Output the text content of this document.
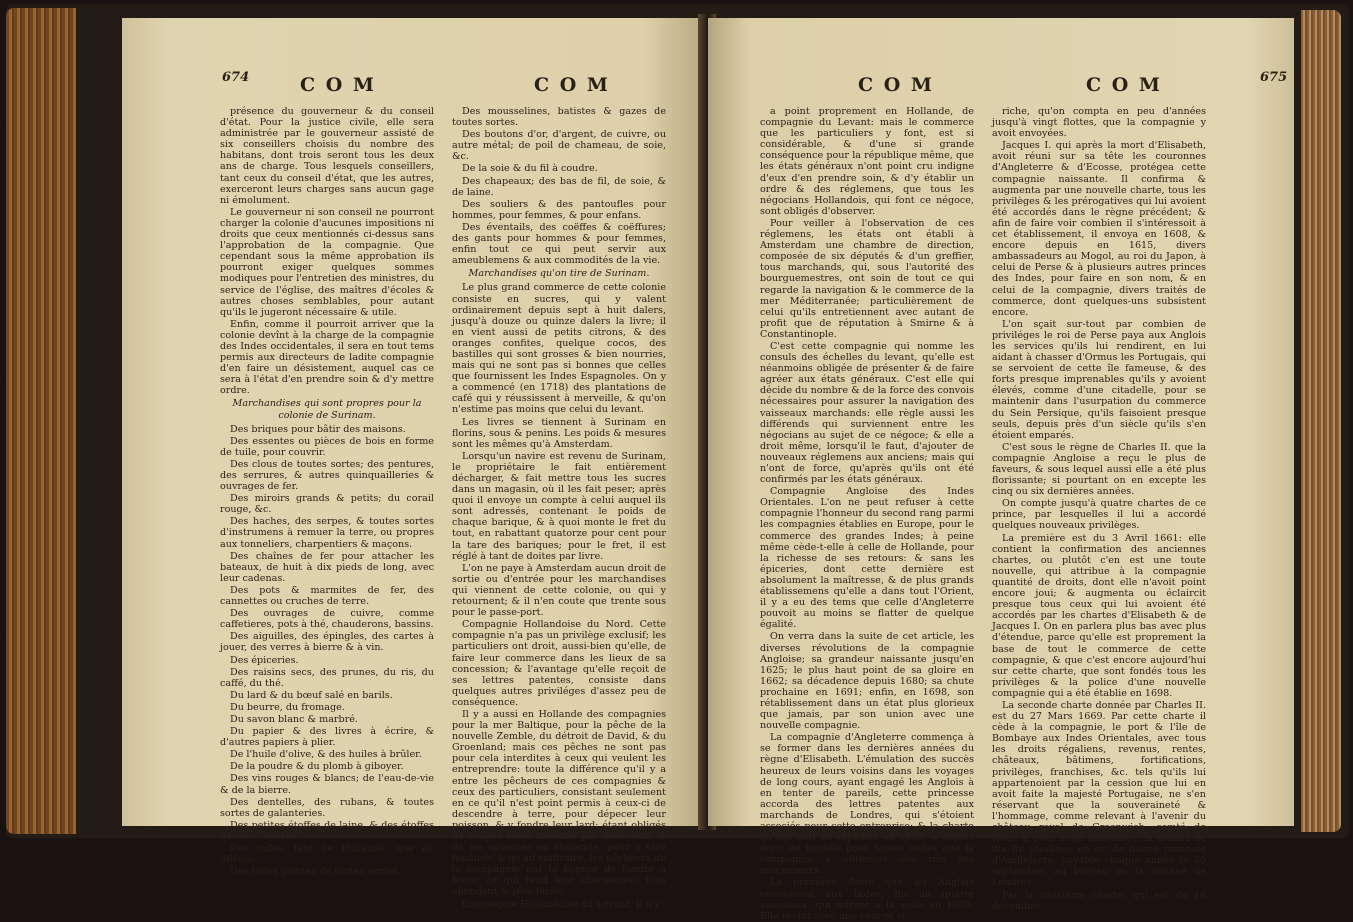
674	C O M	C O M

présence du gouverneur & du conseil d'état. Pour la justice civile, elle sera administrée par le gouverneur assisté de six conseillers choisis du nombre des habitans, dont trois seront tous les deux ans de charge. Tous lesquels conseillers, tant ceux du conseil d'état, que les autres, exerceront leurs charges sans aucun gage ni émolument.

Le gouverneur ni son conseil ne pourront charger la colonie d'aucunes impositions ni droits que ceux mentionnés ci-dessus sans l'approbation de la compagnie. Que cependant sous la même approbation ils pourront exiger quelques sommes modiques pour l'entretien des ministres, du service de l'église, des maîtres d'écoles & autres choses semblables, pour autant qu'ils le jugeront nécessaire & utile.

Enfin, comme il pourroit arriver que la colonie devînt à la charge de la compagnie des Indes occidentales, il sera en tout tems permis aux directeurs de ladite compagnie d'en faire un désistement, auquel cas ce sera à l'état d'en prendre soin & d'y mettre ordre.

Marchandises qui sont propres pour la colonie de Surinam.

Des briques pour bâtir des maisons.

Des essentes ou pièces de bois en forme de tuile, pour couvrir.

Des clous de toutes sortes; des pentures, des serrures, & autres quinquailleries & ouvrages de fer.

Des miroirs grands & petits; du corail rouge, &c.

Des haches, des serpes, & toutes sortes d'instrumens à remuer la terre, ou propres aux tonneliers, charpentiers & maçons.

Des chaînes de fer pour attacher les bateaux, de huit à dix pieds de long, avec leur cadenas.

Des pots & marmites de fer, des cannettes ou cruches de terre.

Des ouvrages de cuivre, comme caffetieres, pots à thé, chauderons, bassins.

Des aiguilles, des épingles, des cartes à jouer, des verres à bierre & à vin.

Des épiceries.

Des raisins secs, des prunes, du ris, du caffé, du thé.

Du lard & du bœuf salé en barils.

Du beurre, du fromage.

Du savon blanc & marbré.

Du papier & des livres à écrire, & d'autres papiers à plier.

De l'huile d'olive, & des huiles à brûler.

De la poudre & du plomb à giboyer.

Des vins rouges & blancs; de l'eau-de-vie & de la bierre.

Des dentelles, des rubans, & toutes sortes de galanteries.

Des petites étoffes de laine, & des étoffes de soie, légeres.

Des toiles, tant de Hollande, que de Silésie.

Des toiles peintes de toutes sortes.

Des mousselines, batistes & gazes de toutes sortes.

Des boutons d'or, d'argent, de cuivre, ou autre métal; de poil de chameau, de soie, &c.

De la soie & du fil à coudre.

Des chapeaux; des bas de fil, de soie, & de laine.

Des souliers & des pantoufles pour hommes, pour femmes, & pour enfans.

Des éventails, des coëffes & coëffures; des gants pour hommes & pour femmes, enfin tout ce qui peut servir aux ameublemens & aux commodités de la vie.

Marchandises qu'on tire de Surinam.

Le plus grand commerce de cette colonie consiste en sucres, qui y valent ordinairement depuis sept à huit dalers, jusqu'à douze ou quinze dalers la livre; il en vient aussi de petits citrons, & des oranges confites, quelque cocos, des bastilles qui sont grosses & bien nourries, mais qui ne sont pas si bonnes que celles que fournissent les Indes Espagnoles. On y a commencé (en 1718) des plantations de café qui y réussissent à merveille, & qu'on n'estime pas moins que celui du levant.

Les livres se tiennent à Surinam en florins, sous & penins. Les poids & mesures sont les mêmes qu'à Amsterdam.

Lorsqu'un navire est revenu de Surinam, le propriétaire le fait entièrement décharger, & fait mettre tous les sucres dans un magasin, où il les fait peser; après quoi il envoye un compte à celui auquel ils sont adressés, contenant le poids de chaque barique, & à quoi monte le fret du tout, en rabattant quatorze pour cent pour la tare des bariques; pour le fret, il est réglé à tant de doites par livre.

L'on ne paye à Amsterdam aucun droit de sortie ou d'entrée pour les marchandises qui viennent de cette colonie, ou qui y retournent; & il n'en coute que trente sous pour le passe-port.

Compagnie Hollandoise du Nord. Cette compagnie n'a pas un privilège exclusif; les particuliers ont droit, aussi-bien qu'elle, de faire leur commerce dans les lieux de sa concession; & l'avantage qu'elle reçoit de ses lettres patentes, consiste dans quelques autres priviléges d'assez peu de conséquence.

Il y a aussi en Hollande des compagnies pour la mer Baltique, pour la pêche de la nouvelle Zemble, du détroit de David, & du Groenland; mais ces pêches ne sont pas pour cela interdites à ceux qui veulent les entreprendre: toute la différence qu'il y a entre les pêcheurs de ces compagnies & ceux des particuliers, consistant seulement en ce qu'il n'est point permis à ceux-ci de descendre à terre, pour dépecer leur poisson, & y fondre leur lard; étant obligés de couper leurs baleines par morceaux, & de les apporter en Hollande, pour y être fondues; & qu'au contraire, les pêcheurs de la compagnie ont la licence de fondre à terre; ce qui rend leur chargement plus abondant & plus facile.

Compagnie Hollandoise du Levant. Il n'y

C O M	C O M	675

a point proprement en Hollande, de compagnie du Levant: mais le commerce que les particuliers y font, est si considérable, & d'une si grande conséquence pour la république même, que les états généraux n'ont point cru indigne d'eux d'en prendre soin, & d'y établir un ordre & des réglemens, que tous les négocians Hollandois, qui font ce négoce, sont obligés d'observer.

Pour veiller à l'observation de ces réglemens, les états ont établi à Amsterdam une chambre de direction, composée de six députés & d'un greffier, tous marchands, qui, sous l'autorité des bourguemestres, ont soin de tout ce qui regarde la navigation & le commerce de la mer Méditerranée; particulièrement de celui qu'ils entretiennent avec autant de profit que de réputation à Smirne & à Constantinople.

C'est cette compagnie qui nomme les consuls des échelles du levant, qu'elle est néanmoins obligée de présenter & de faire agréer aux états généraux. C'est elle qui décide du nombre & de la force des convois nécessaires pour assurer la navigation des vaisseaux marchands: elle règle aussi les différends qui surviennent entre les négocians au sujet de ce négoce; & elle a droit même, lorsqu'il le faut, d'ajouter de nouveaux réglemens aux anciens; mais qui n'ont de force, qu'après qu'ils ont été confirmés par les états généraux.

Compagnie Angloise des Indes Orientales. L'on ne peut refuser à cette compagnie l'honneur du second rang parmi les compagnies établies en Europe, pour le commerce des grandes Indes; à peine même cède-t-elle à celle de Hollande, pour la richesse de ses retours: & sans les épiceries, dont cette dernière est absolument la maîtresse, & de plus grands établissemens qu'elle a dans tout l'Orient, il y a eu des tems que celle d'Angleterre pouvoit au moins se flatter de quelque égalité.

On verra dans la suite de cet article, les diverses révolutions de la compagnie Angloise; sa grandeur naissante jusqu'en 1625; le plus haut point de sa gloire en 1662; sa décadence depuis 1680; sa chute prochaine en 1691; enfin, en 1698, son rétablissement dans un état plus glorieux que jamais, par son union avec une nouvelle compagnie.

La compagnie d'Angleterre commença à se former dans les dernières années du règne d'Elisabeth. L'émulation des succès heureux de leurs voisins dans les voyages de long cours, ayant engagé les Anglois à en tenter de pareils, cette princesse accorda des lettres patentes aux marchands de Londres, qui s'étoient associés pour cette entreprise; & la charte qu'elle leur fit expédier en 1599, a depuis servi de modèle pour toutes celles que la compagnie a obtenues des rois ses successeurs.

La première flotte que les Anglois envoyèrent aux Indes, fut de quatre vaisseaux, qui mirent à la voile en 1600. Elle revint avec une charge si

riche, qu'on compta en peu d'années jusqu'à vingt flottes, que la compagnie y avoit envoyées.

Jacques I. qui après la mort d'Elisabeth, avoit réuni sur sa tête les couronnes d'Angleterre & d'Ecosse, protégea cette compagnie naissante. Il confirma & augmenta par une nouvelle charte, tous les privilèges & les prérogatives qui lui avoient été accordés dans le règne précédent; & afin de faire voir combien il s'intéressoit à cet établissement, il envoya en 1608, & encore depuis en 1615, divers ambassadeurs au Mogol, au roi du Japon, à celui de Perse & à plusieurs autres princes des Indes, pour faire en son nom, & en celui de la compagnie, divers traités de commerce, dont quelques-uns subsistent encore.

L'on sçait sur-tout par combien de priviléges le roi de Perse paya aux Anglois les services qu'ils lui rendirent, en lui aidant à chasser d'Ormus les Portugais, qui se servoient de cette île fameuse, & des forts presque imprenables qu'ils y avoient élevés, comme d'une citadelle, pour se maintenir dans l'usurpation du commerce du Sein Persique, qu'ils faisoient presque seuls, depuis près d'un siècle qu'ils s'en étoient emparés.

C'est sous le règne de Charles II. que la compagnie Angloise a reçu le plus de faveurs, & sous lequel aussi elle a été plus florissante; si pourtant on en excepte les cinq ou six dernières années.

On compte jusqu'à quatre chartes de ce prince, par lesquelles il lui a accordé quelques nouveaux privilèges.

La première est du 3 Avril 1661: elle contient la confirmation des anciennes chartes, ou plutôt c'en est une toute nouvelle, qui attribue à la compagnie quantité de droits, dont elle n'avoit point encore joui; & augmenta ou éclaircit presque tous ceux qui lui avoient été accordés par les chartes d'Elisabeth & de Jacques I. On en parlera plus bas avec plus d'étendue, parce qu'elle est proprement la base de tout le commerce de cette compagnie, & que c'est encore aujourd'hui sur cette charte, que sont fondés tous les privilèges & la police d'une nouvelle compagnie qui a été établie en 1698.

La seconde charte donnée par Charles II. est du 27 Mars 1669. Par cette charte il cède à la compagnie, le port & l'île de Bombaye aux Indes Orientales, avec tous les droits régaliens, revenus, rentes, châteaux, bâtimens, fortifications, privilèges, franchises, &c. tels qu'ils lui appartenoient par la cession que lui en avoit faite la majesté Portugaise, ne s'en réservant que la souveraineté & l'hommage, comme relevant à l'avenir du château royal de Greenwich, comté de Kent; & pour toute redevance, la somme de dix liv. sterlings en or, de bonne monnoie d'Angleterre, payable chaque année le 30 septembre, au bureau de la douane de Londres.

Par la troisième charte, qui est du 16 décembre
